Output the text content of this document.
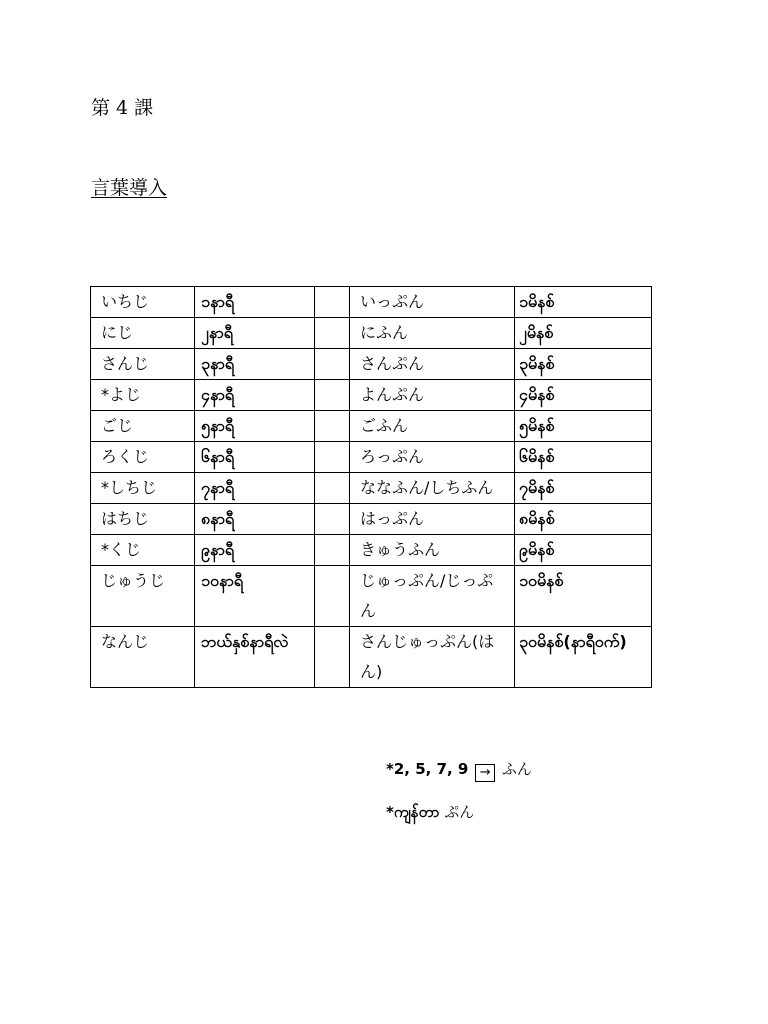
第 4 課
言葉導入
いちじ	၁နာရီ		いっぷん	၁မိနစ်
にじ	၂နာရီ		にふん	၂မိနစ်
さんじ	၃နာရီ		さんぷん	၃မိနစ်
*よじ	၄နာရီ		よんぷん	၄မိနစ်
ごじ	၅နာရီ		ごふん	၅မိနစ်
ろくじ	၆နာရီ		ろっぷん	၆မိနစ်
*しちじ	၇နာရီ		ななふん/しちふん	၇မိနစ်
はちじ	၈နာရီ		はっぷん	၈မိနစ်
*くじ	၉နာရီ		きゅうふん	၉မိနစ်
じゅうじ	၁၀နာရီ		じゅっぷん/じっぷん	၁၀မိနစ်
なんじ	ဘယ်နှစ်နာရီလဲ		さんじゅっぷん(はん)	၃၀မိနစ်(နာရီဝက်)
*2, 5, 7, 9 → ふん
*ကျန်တာ ぷん
